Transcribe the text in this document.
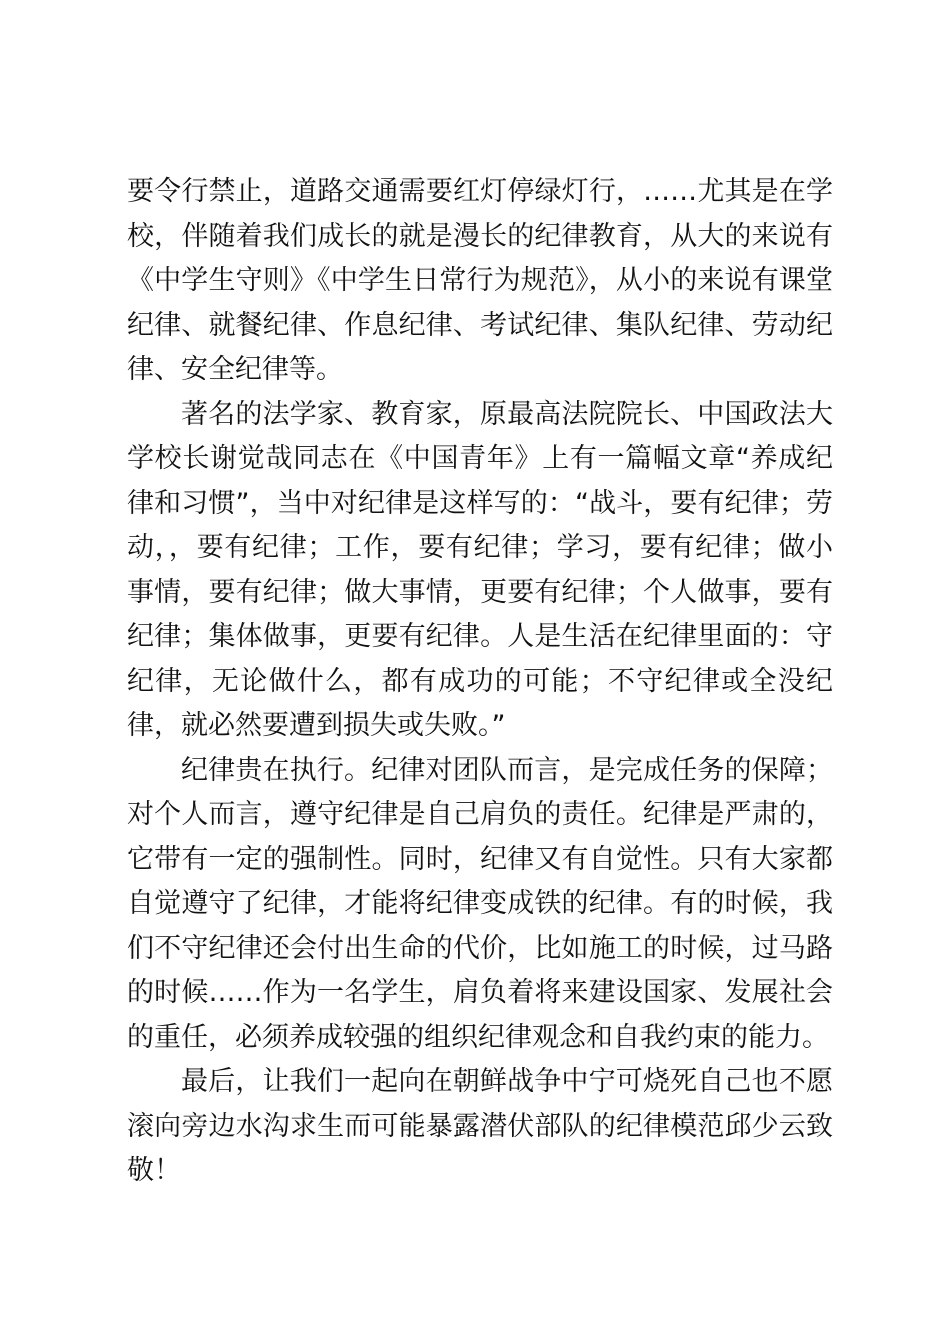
要令行禁止，道路交通需要红灯停绿灯行，……尤其是在学校，伴随着我们成长的就是漫长的纪律教育，从大的来说有《中学生守则》《中学生日常行为规范》，从小的来说有课堂纪律、就餐纪律、作息纪律、考试纪律、集队纪律、劳动纪律、安全纪律等。

著名的法学家、教育家，原最高法院院长、中国政法大学校长谢觉哉同志在《中国青年》上有一篇幅文章“养成纪律和习惯”，当中对纪律是这样写的：“战斗，要有纪律；劳动，，要有纪律；工作，要有纪律；学习，要有纪律；做小事情，要有纪律；做大事情，更要有纪律；个人做事，要有纪律；集体做事，更要有纪律。人是生活在纪律里面的：守纪律，无论做什么，都有成功的可能；不守纪律或全没纪律，就必然要遭到损失或失败。”

纪律贵在执行。纪律对团队而言，是完成任务的保障；对个人而言，遵守纪律是自己肩负的责任。纪律是严肃的，它带有一定的强制性。同时，纪律又有自觉性。只有大家都自觉遵守了纪律，才能将纪律变成铁的纪律。有的时候，我们不守纪律还会付出生命的代价，比如施工的时候，过马路的时候……作为一名学生，肩负着将来建设国家、发展社会的重任，必须养成较强的组织纪律观念和自我约束的能力。

最后，让我们一起向在朝鲜战争中宁可烧死自己也不愿滚向旁边水沟求生而可能暴露潜伏部队的纪律模范邱少云致敬！
